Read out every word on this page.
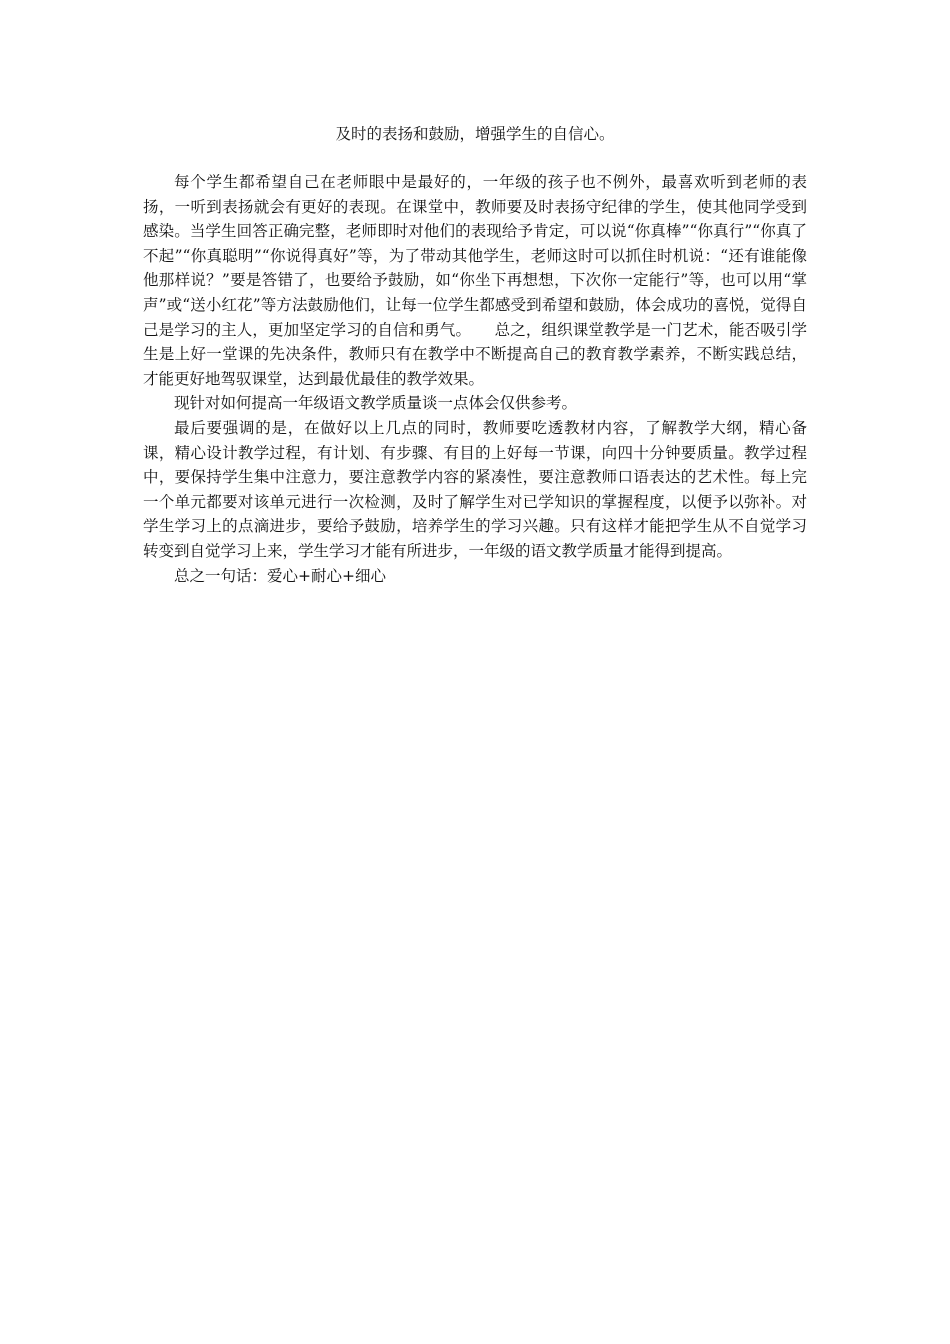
及时的表扬和鼓励，增强学生的自信心。

每个学生都希望自己在老师眼中是最好的，一年级的孩子也不例外，最喜欢听到老师的表扬，一听到表扬就会有更好的表现。在课堂中，教师要及时表扬守纪律的学生，使其他同学受到感染。当学生回答正确完整，老师即时对他们的表现给予肯定，可以说“你真棒”“你真行”“你真了不起”“你真聪明”“你说得真好”等，为了带动其他学生，老师这时可以抓住时机说：“还有谁能像他那样说？”要是答错了，也要给予鼓励，如“你坐下再想想，下次你一定能行”等，也可以用“掌声”或“送小红花”等方法鼓励他们，让每一位学生都感受到希望和鼓励，体会成功的喜悦，觉得自己是学习的主人，更加坚定学习的自信和勇气。　　总之，组织课堂教学是一门艺术，能否吸引学生是上好一堂课的先决条件，教师只有在教学中不断提高自己的教育教学素养，不断实践总结，才能更好地驾驭课堂，达到最优最佳的教学效果。

现针对如何提高一年级语文教学质量谈一点体会仅供参考。

最后要强调的是，在做好以上几点的同时，教师要吃透教材内容，了解教学大纲，精心备课，精心设计教学过程，有计划、有步骤、有目的上好每一节课，向四十分钟要质量。教学过程中，要保持学生集中注意力，要注意教学内容的紧凑性，要注意教师口语表达的艺术性。每上完一个单元都要对该单元进行一次检测，及时了解学生对已学知识的掌握程度，以便予以弥补。对学生学习上的点滴进步，要给予鼓励，培养学生的学习兴趣。只有这样才能把学生从不自觉学习转变到自觉学习上来，学生学习才能有所进步，一年级的语文教学质量才能得到提高。

总之一句话：爱心+耐心+细心
